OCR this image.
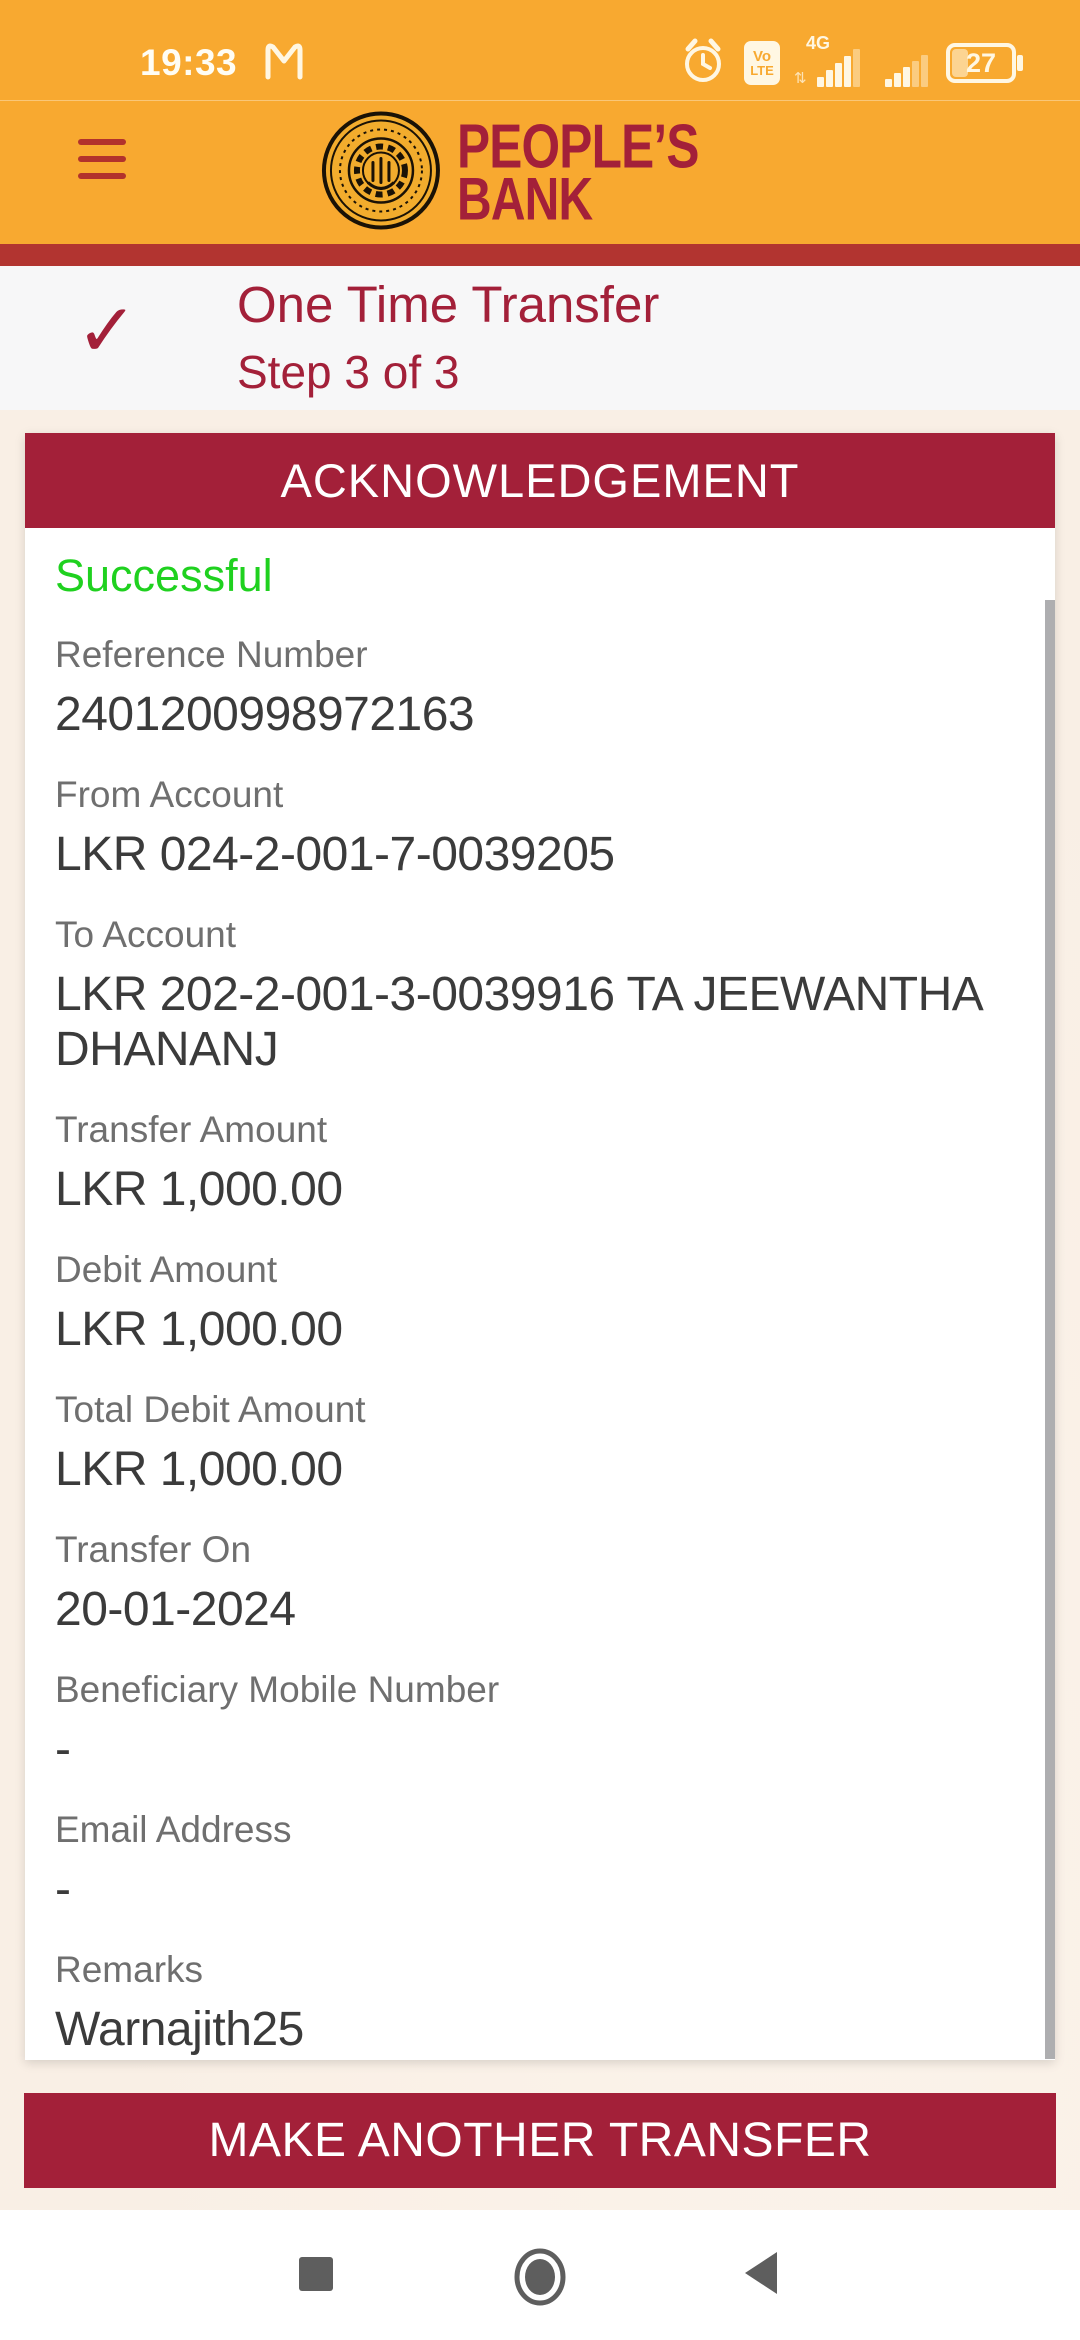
19:33	Vo
LTE
4G
⇅
27
PEOPLE’S
BANK
✓ One Time Transfer
Step 3 of 3
ACKNOWLEDGEMENT
Successful
Reference Number
2401200998972163
From Account
LKR 024-2-001-7-0039205
To Account
LKR 202-2-001-3-0039916 TA JEEWANTHA DHANANJ
Transfer Amount
LKR 1,000.00
Debit Amount
LKR 1,000.00
Total Debit Amount
LKR 1,000.00
Transfer On
20-01-2024
Beneficiary Mobile Number
-
Email Address
-
Remarks
Warnajith25
MAKE ANOTHER TRANSFER
